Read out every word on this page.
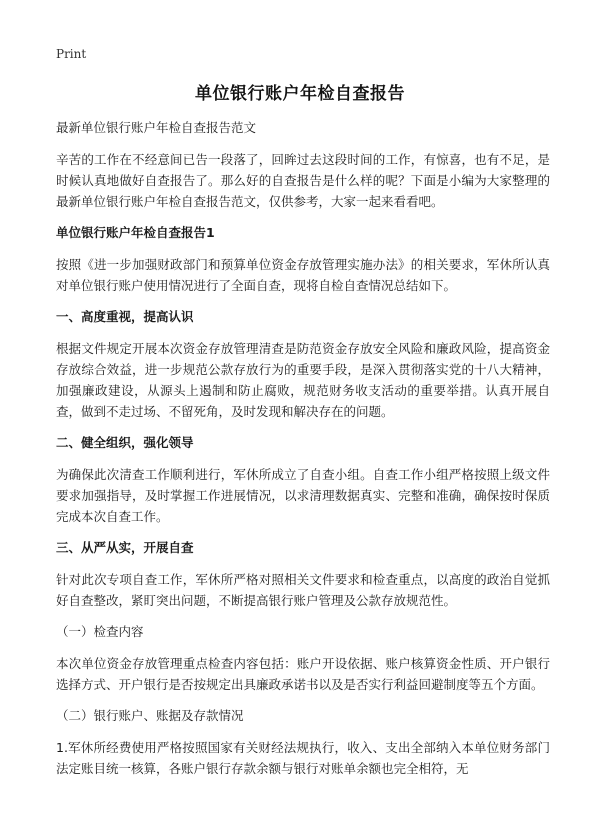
Print
单位银行账户年检自查报告

最新单位银行账户年检自查报告范文

辛苦的工作在不经意间已告一段落了，回眸过去这段时间的工作，有惊喜，也有不足，是时候认真地做好自查报告了。那么好的自查报告是什么样的呢？下面是小编为大家整理的最新单位银行账户年检自查报告范文，仅供参考，大家一起来看看吧。

单位银行账户年检自查报告1

按照《进一步加强财政部门和预算单位资金存放管理实施办法》的相关要求，军休所认真对单位银行账户使用情况进行了全面自查，现将自检自查情况总结如下。

一、高度重视，提高认识

根据文件规定开展本次资金存放管理清查是防范资金存放安全风险和廉政风险，提高资金存放综合效益，进一步规范公款存放行为的重要手段，是深入贯彻落实党的十八大精神，加强廉政建设，从源头上遏制和防止腐败，规范财务收支活动的重要举措。认真开展自查，做到不走过场、不留死角，及时发现和解决存在的问题。

二、健全组织，强化领导

为确保此次清查工作顺利进行，军休所成立了自查小组。自查工作小组严格按照上级文件要求加强指导，及时掌握工作进展情况，以求清理数据真实、完整和准确，确保按时保质完成本次自查工作。

三、从严从实，开展自查

针对此次专项自查工作，军休所严格对照相关文件要求和检查重点，以高度的政治自觉抓好自查整改，紧盯突出问题，不断提高银行账户管理及公款存放规范性。

（一）检查内容

本次单位资金存放管理重点检查内容包括：账户开设依据、账户核算资金性质、开户银行选择方式、开户银行是否按规定出具廉政承诺书以及是否实行利益回避制度等五个方面。

（二）银行账户、账据及存款情况

1.军休所经费使用严格按照国家有关财经法规执行，收入、支出全部纳入本单位财务部门法定账目统一核算，各账户银行存款余额与银行对账单余额也完全相符，无
